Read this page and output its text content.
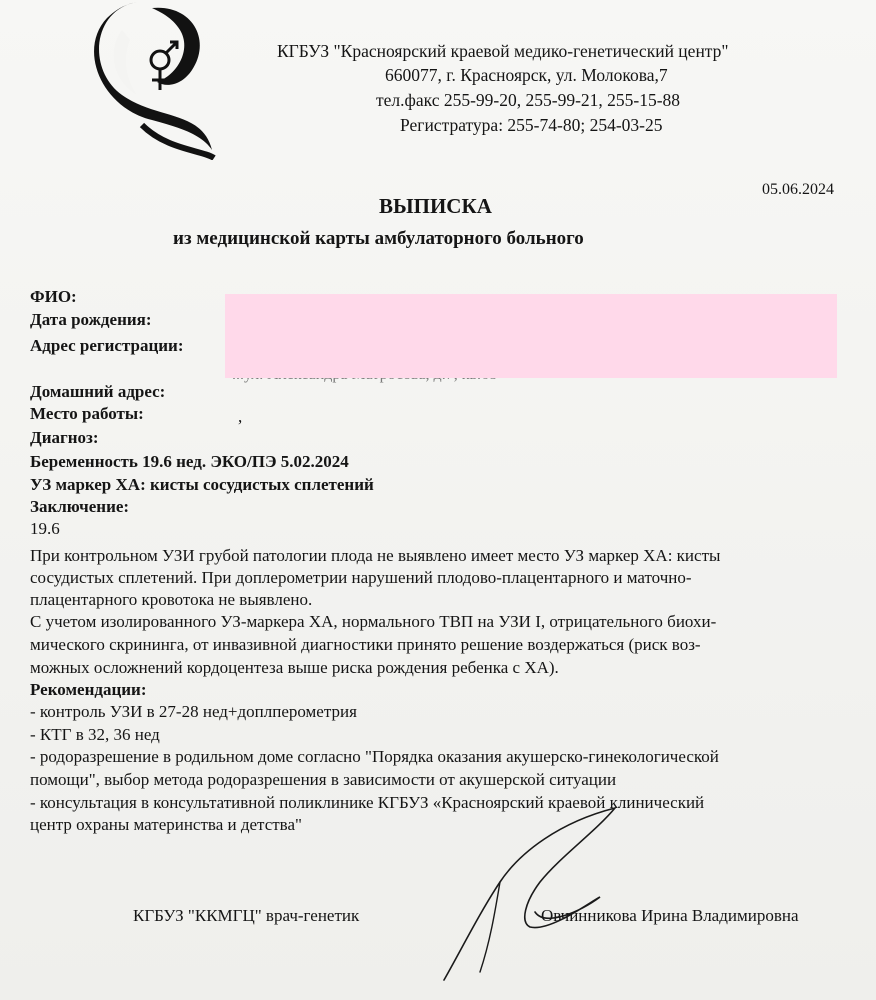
КГБУЗ "Красноярский краевой медико-генетический центр"
660077, г. Красноярск, ул. Молокова,7
тел.факс 255-99-20, 255-99-21, 255-15-88
Регистратура: 255-74-80; 254-03-25
05.06.2024
ВЫПИСКА
из медицинской карты амбулаторного больного
ФИО:
Дата рождения:
Адрес регистрации:
Домашний адрес:
Место работы:	,
Диагноз:
Беременность 19.6 нед. ЭКО/ПЭ 5.02.2024
УЗ маркер ХА: кисты сосудистых сплетений
Заключение:
19.6
При контрольном УЗИ грубой патологии плода не выявлено имеет место УЗ маркер ХА: кисты
сосудистых сплетений. При доплерометрии нарушений плодово-плацентарного и маточно-
плацентарного кровотока не выявлено.
С учетом изолированного УЗ-маркера ХА, нормального ТВП на УЗИ I, отрицательного биохи-
мического скрининга, от инвазивной диагностики принято решение воздержаться (риск воз-
можных осложнений кордоцентеза выше риска рождения ребенка с ХА).
Рекомендации:
- контроль УЗИ в 27-28 нед+доплперометрия
- КТГ в 32, 36 нед
- родоразрешение в родильном доме согласно "Порядка оказания акушерско-гинекологической
помощи", выбор метода родоразрешения в зависимости от акушерской ситуации
- консультация в консультативной поликлинике КГБУЗ «Красноярский краевой клинический
центр охраны материнства и детства"
КГБУЗ "ККМГЦ" врач-генетик	Овчинникова Ирина Владимировна
